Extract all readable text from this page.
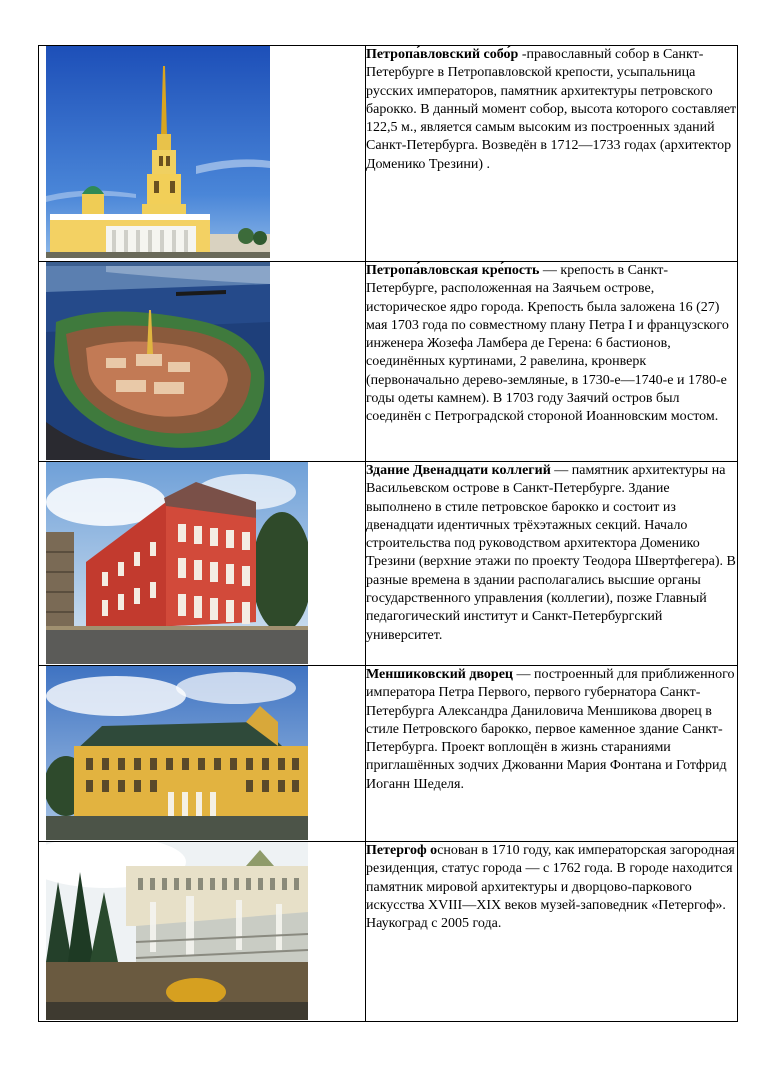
Петропа́вловский собо́р -православный собор в Санкт-Петербурге в Петропавловской крепости, усыпальница русских императоров, памятник архитектуры петровского барокко. В данный момент собор, высота которого составляет 122,5 м., является самым высоким из построенных зданий Санкт-Петербурга. Возведён в 1712—1733 годах (архитектор Доменико Трезини) .

Петропа́вловская кре́пость — крепость в Санкт-Петербурге, расположенная на Заячьем острове, историческое ядро города. Крепость была заложена 16 (27) мая 1703 года по совместному плану Петра I и французского инженера Жозефа Ламбера де Герена: 6 бастионов, соединённых куртинами, 2 равелина, кронверк (первоначально дерево-земляные, в 1730-е—1740-е и 1780-е годы одеты камнем). В 1703 году Заячий остров был соединён с Петроградской стороной Иоанновским мостом.

Здание Двенадцати коллегий — памятник архитектуры на Васильевском острове в Санкт-Петербурге. Здание выполнено в стиле петровское барокко и состоит из двенадцати идентичных трёхэтажных секций. Начало строительства под руководством архитектора Доменико Трезини (верхние этажи по проекту Теодора Швертфегера). В разные времена в здании располагались высшие органы государственного управления (коллегии), позже Главный педагогический институт и Санкт-Петербургский университет.

Меншиковский дворец — построенный для приближенного императора Петра Первого, первого губернатора Санкт-Петербурга Александра Даниловича Меншикова дворец в стиле Петровского барокко, первое каменное здание Санкт-Петербурга. Проект воплощён в жизнь стараниями приглашённых зодчих Джованни Мария Фонтана и Готфрид Иоганн Шеделя.

Петергоф основан в 1710 году, как императорская загородная резиденция, статус города — с 1762 года. В городе находится памятник мировой архитектуры и дворцово-паркового искусства XVIII—XIX веков музей-заповедник «Петергоф». Наукоград с 2005 года.
